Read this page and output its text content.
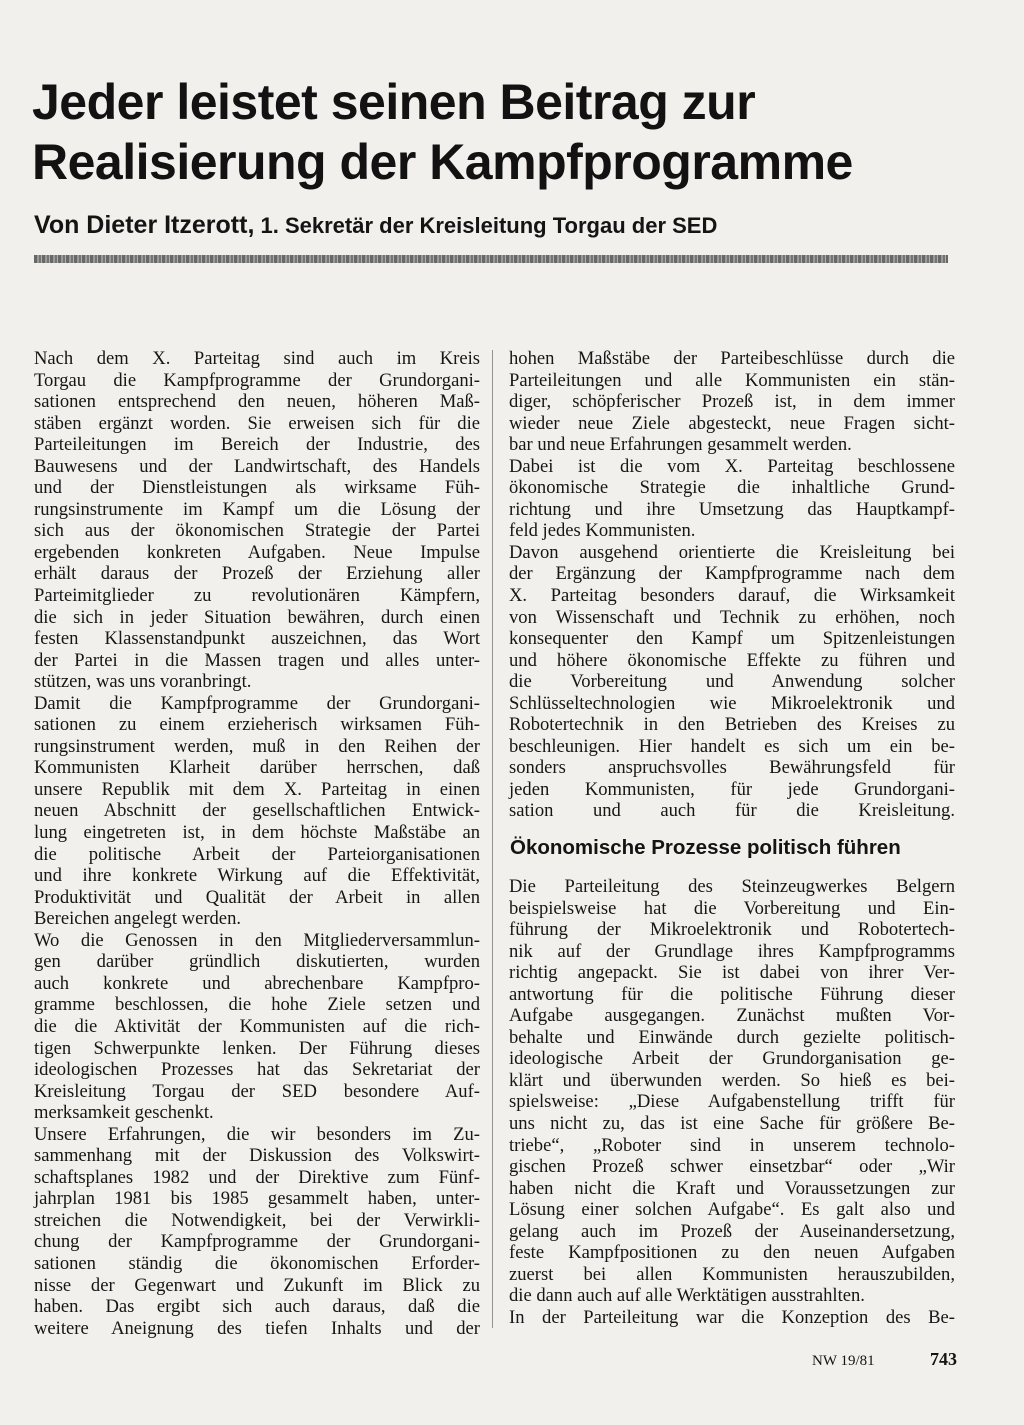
Jeder leistet seinen Beitrag zur
Realisierung der Kampfprogramme
Von Dieter Itzerott, 1. Sekretär der Kreisleitung Torgau der SED
Nach dem X. Parteitag sind auch im Kreis
Torgau die Kampfprogramme der Grundorgani-
sationen entsprechend den neuen, höheren Maß-
stäben ergänzt worden. Sie erweisen sich für die
Parteileitungen im Bereich der Industrie, des
Bauwesens und der Landwirtschaft, des Handels
und der Dienstleistungen als wirksame Füh-
rungsinstrumente im Kampf um die Lösung der
sich aus der ökonomischen Strategie der Partei
ergebenden konkreten Aufgaben. Neue Impulse
erhält daraus der Prozeß der Erziehung aller
Parteimitglieder zu revolutionären Kämpfern,
die sich in jeder Situation bewähren, durch einen
festen Klassenstandpunkt auszeichnen, das Wort
der Partei in die Massen tragen und alles unter-
stützen, was uns voranbringt.
Damit die Kampfprogramme der Grundorgani-
sationen zu einem erzieherisch wirksamen Füh-
rungsinstrument werden, muß in den Reihen der
Kommunisten Klarheit darüber herrschen, daß
unsere Republik mit dem X. Parteitag in einen
neuen Abschnitt der gesellschaftlichen Entwick-
lung eingetreten ist, in dem höchste Maßstäbe an
die politische Arbeit der Parteiorganisationen
und ihre konkrete Wirkung auf die Effektivität,
Produktivität und Qualität der Arbeit in allen
Bereichen angelegt werden.
Wo die Genossen in den Mitgliederversammlun-
gen darüber gründlich diskutierten, wurden
auch konkrete und abrechenbare Kampfpro-
gramme beschlossen, die hohe Ziele setzen und
die die Aktivität der Kommunisten auf die rich-
tigen Schwerpunkte lenken. Der Führung dieses
ideologischen Prozesses hat das Sekretariat der
Kreisleitung Torgau der SED besondere Auf-
merksamkeit geschenkt.
Unsere Erfahrungen, die wir besonders im Zu-
sammenhang mit der Diskussion des Volkswirt-
schaftsplanes 1982 und der Direktive zum Fünf-
jahrplan 1981 bis 1985 gesammelt haben, unter-
streichen die Notwendigkeit, bei der Verwirkli-
chung der Kampfprogramme der Grundorgani-
sationen ständig die ökonomischen Erforder-
nisse der Gegenwart und Zukunft im Blick zu
haben. Das ergibt sich auch daraus, daß die
weitere Aneignung des tiefen Inhalts und der
hohen Maßstäbe der Parteibeschlüsse durch die
Parteileitungen und alle Kommunisten ein stän-
diger, schöpferischer Prozeß ist, in dem immer
wieder neue Ziele abgesteckt, neue Fragen sicht-
bar und neue Erfahrungen gesammelt werden.
Dabei ist die vom X. Parteitag beschlossene
ökonomische Strategie die inhaltliche Grund-
richtung und ihre Umsetzung das Hauptkampf-
feld jedes Kommunisten.
Davon ausgehend orientierte die Kreisleitung bei
der Ergänzung der Kampfprogramme nach dem
X. Parteitag besonders darauf, die Wirksamkeit
von Wissenschaft und Technik zu erhöhen, noch
konsequenter den Kampf um Spitzenleistungen
und höhere ökonomische Effekte zu führen und
die Vorbereitung und Anwendung solcher
Schlüsseltechnologien wie Mikroelektronik und
Robotertechnik in den Betrieben des Kreises zu
beschleunigen. Hier handelt es sich um ein be-
sonders anspruchsvolles Bewährungsfeld für
jeden Kommunisten, für jede Grundorgani-
sation und auch für die Kreisleitung.
Ökonomische Prozesse politisch führen
Die Parteileitung des Steinzeugwerkes Belgern
beispielsweise hat die Vorbereitung und Ein-
führung der Mikroelektronik und Robotertech-
nik auf der Grundlage ihres Kampfprogramms
richtig angepackt. Sie ist dabei von ihrer Ver-
antwortung für die politische Führung dieser
Aufgabe ausgegangen. Zunächst mußten Vor-
behalte und Einwände durch gezielte politisch-
ideologische Arbeit der Grundorganisation ge-
klärt und überwunden werden. So hieß es bei-
spielsweise: „Diese Aufgabenstellung trifft für
uns nicht zu, das ist eine Sache für größere Be-
triebe“, „Roboter sind in unserem technolo-
gischen Prozeß schwer einsetzbar“ oder „Wir
haben nicht die Kraft und Voraussetzungen zur
Lösung einer solchen Aufgabe“. Es galt also und
gelang auch im Prozeß der Auseinandersetzung,
feste Kampfpositionen zu den neuen Aufgaben
zuerst bei allen Kommunisten herauszubilden,
die dann auch auf alle Werktätigen ausstrahlten.
In der Parteileitung war die Konzeption des Be-
NW 19/81	743
